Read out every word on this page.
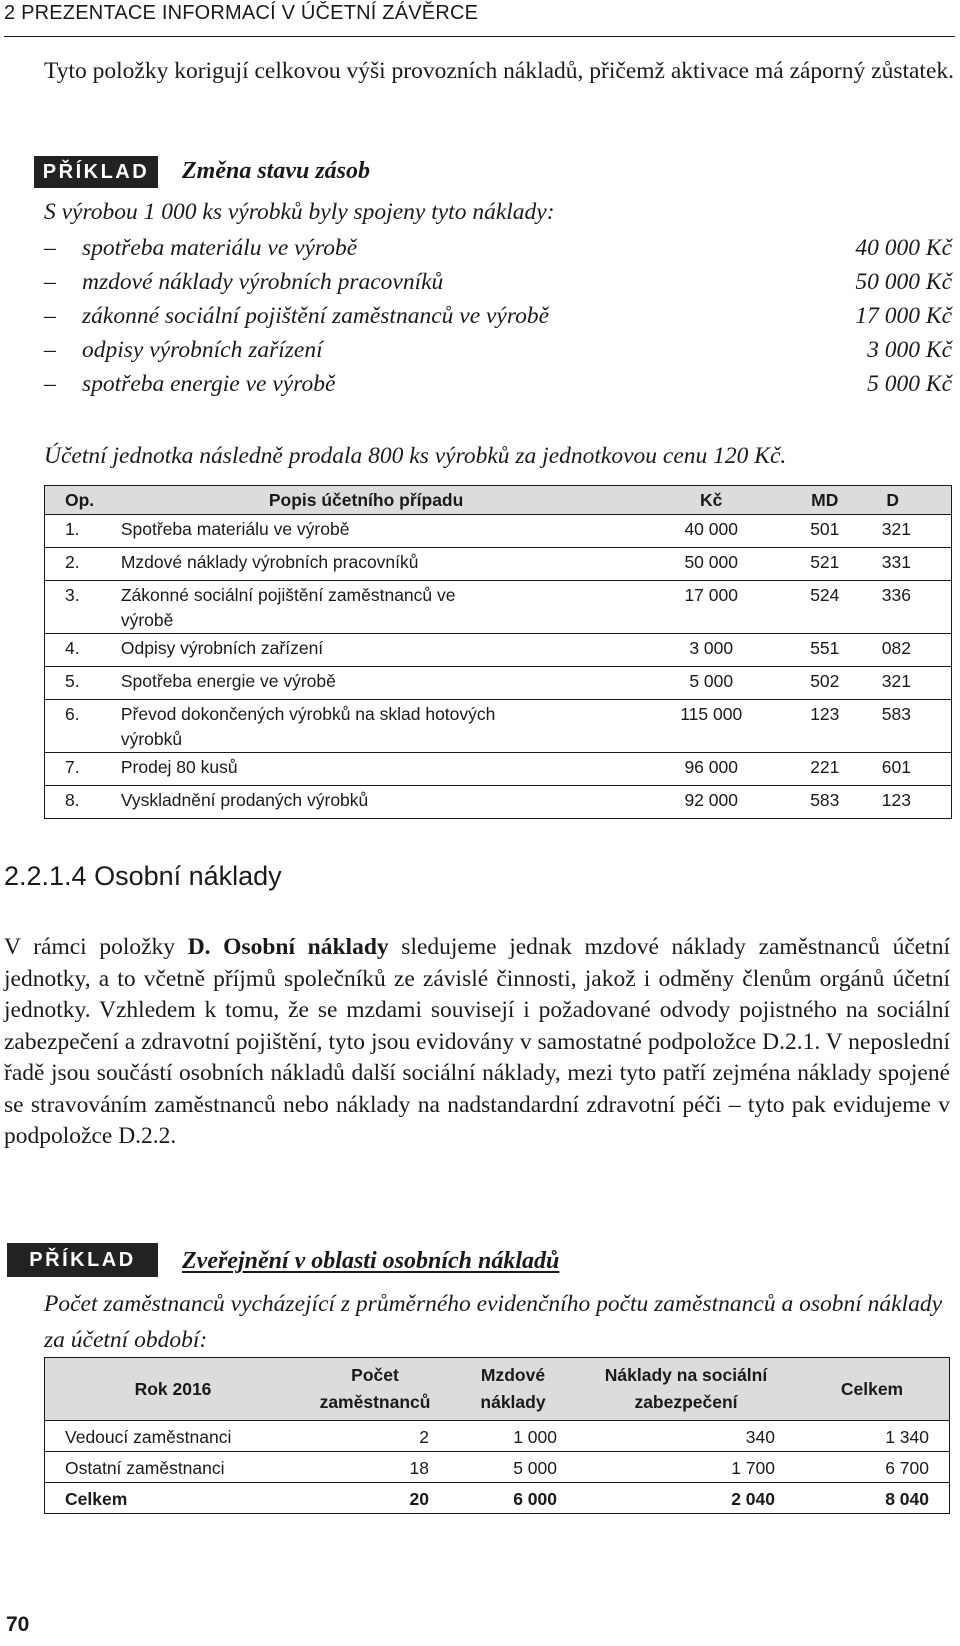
2 PREZENTACE INFORMACÍ V ÚČETNÍ ZÁVĚRCE
Tyto položky korigují celkovou výši provozních nákladů, přičemž aktivace má záporný zůstatek.
PŘÍKLAD	Změna stavu zásob
S výrobou 1 000 ks výrobků byly spojeny tyto náklady:
– spotřeba materiálu ve výrobě	40 000 Kč
– mzdové náklady výrobních pracovníků	50 000 Kč
– zákonné sociální pojištění zaměstnanců ve výrobě	17 000 Kč
– odpisy výrobních zařízení	3 000 Kč
– spotřeba energie ve výrobě	5 000 Kč
Účetní jednotka následně prodala 800 ks výrobků za jednotkovou cenu 120 Kč.
Op.	Popis účetního případu	Kč	MD	D
1.	Spotřeba materiálu ve výrobě	40 000	501	321
2.	Mzdové náklady výrobních pracovníků	50 000	521	331
3.	Zákonné sociální pojištění zaměstnanců ve výrobě	17 000	524	336
4.	Odpisy výrobních zařízení	3 000	551	082
5.	Spotřeba energie ve výrobě	5 000	502	321
6.	Převod dokončených výrobků na sklad hotových výrobků	115 000	123	583
7.	Prodej 80 kusů	96 000	221	601
8.	Vyskladnění prodaných výrobků	92 000	583	123
2.2.1.4 Osobní náklady
V rámci položky D. Osobní náklady sledujeme jednak mzdové náklady zaměstnanců účetní jednotky, a to včetně příjmů společníků ze závislé činnosti, jakož i odměny členům orgánů účetní jednotky. Vzhledem k tomu, že se mzdami souvisejí i požadované odvody pojistného na sociální zabezpečení a zdravotní pojištění, tyto jsou evidovány v samostatné podpoložce D.2.1. V neposlední řadě jsou součástí osobních nákladů další sociální náklady, mezi tyto patří zejména náklady spojené se stravováním zaměstnanců nebo náklady na nadstandardní zdravotní péči – tyto pak evidujeme v podpoložce D.2.2.
PŘÍKLAD	Zveřejnění v oblasti osobních nákladů
Počet zaměstnanců vycházející z průměrného evidenčního počtu zaměstnanců a osobní náklady za účetní období:
Rok 2016	Počet zaměstnanců	Mzdové náklady	Náklady na sociální zabezpečení	Celkem
Vedoucí zaměstnanci	2	1 000	340	1 340
Ostatní zaměstnanci	18	5 000	1 700	6 700
Celkem	20	6 000	2 040	8 040
70
